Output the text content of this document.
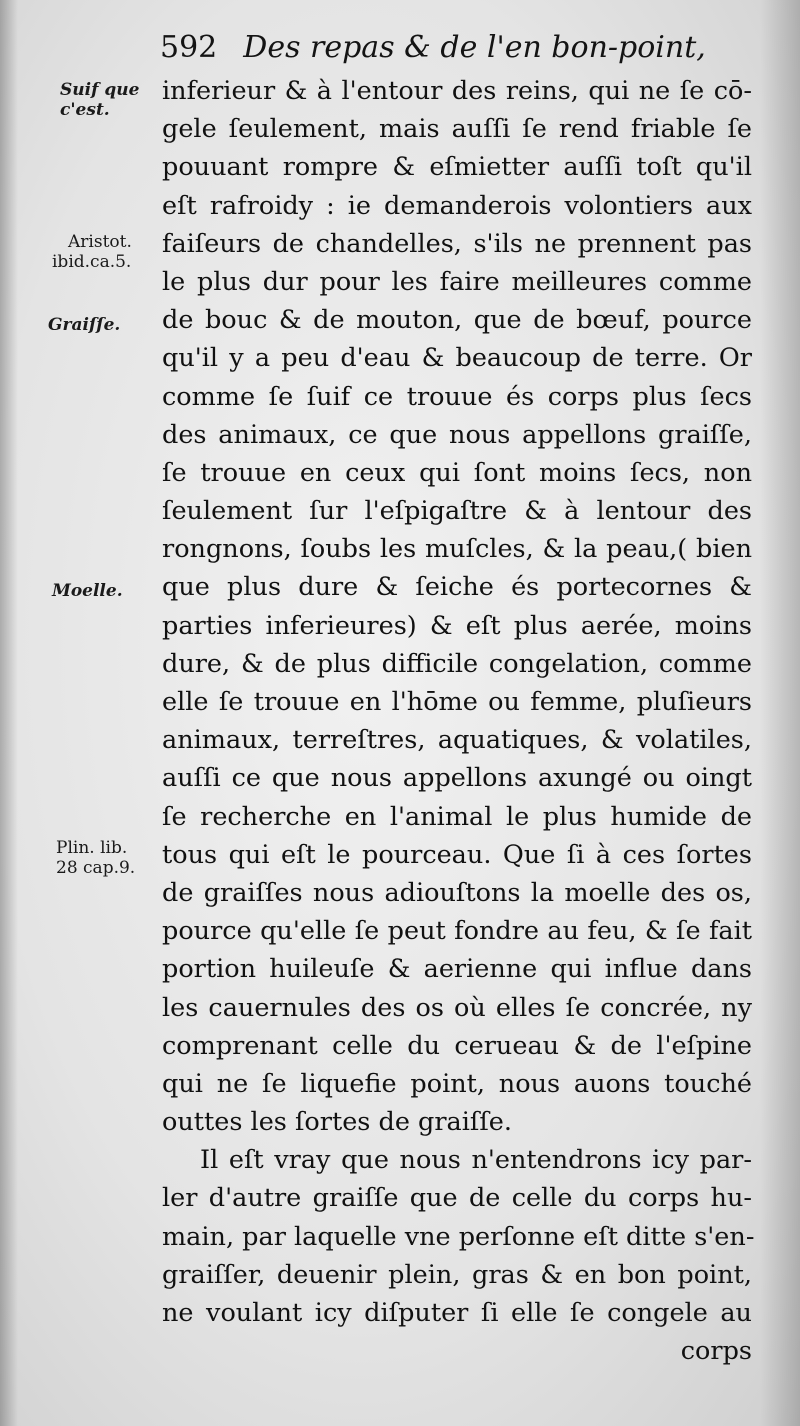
592 Des repas & de l'en bon-point,
Suif que
c'est.
Aristot.
ibid.ca.5.
Graiſſe.
Moelle.
Plin. lib.
28 cap.9.
inferieur & à l'entour des reins, qui ne ſe cō-
gele ſeulement, mais auſſi ſe rend friable ſe
pouuant rompre & eſmietter auſſi toſt qu'il
eſt rafroidy : ie demanderois volontiers aux
faiſeurs de chandelles, s'ils ne prennent pas
le plus dur pour les faire meilleures comme
de bouc & de mouton, que de bœuf, pource
qu'il y a peu d'eau & beaucoup de terre. Or
comme ſe ſuif ce trouue és corps plus ſecs
des animaux, ce que nous appellons graiſſe,
ſe trouue en ceux qui ſont moins ſecs, non
ſeulement ſur l'eſpigaſtre & à lentour des
rongnons, ſoubs les muſcles, & la peau,( bien
que plus dure & ſeiche és portecornes &
parties inferieures) & eſt plus aerée, moins
dure, & de plus difficile congelation, comme
elle ſe trouue en l'hōme ou femme, pluſieurs
animaux, terreſtres, aquatiques, & volatiles,
auſſi ce que nous appellons axungé ou oingt
ſe recherche en l'animal le plus humide de
tous qui eſt le pourceau. Que ſi à ces ſortes
de graiſſes nous adiouſtons la moelle des os,
pource qu'elle ſe peut fondre au feu, & ſe fait
portion huileuſe & aerienne qui influe dans
les cauernules des os où elles ſe concrée, ny
comprenant celle du cerueau & de l'eſpine
qui ne ſe liquefie point, nous auons touché
outtes les ſortes de graiſſe.
Il eſt vray que nous n'entendrons icy par-
ler d'autre graiſſe que de celle du corps hu-
main, par laquelle vne perſonne eſt ditte s'en-
graiſſer, deuenir plein, gras & en bon point,
ne voulant icy diſputer ſi elle ſe congele au
corps
